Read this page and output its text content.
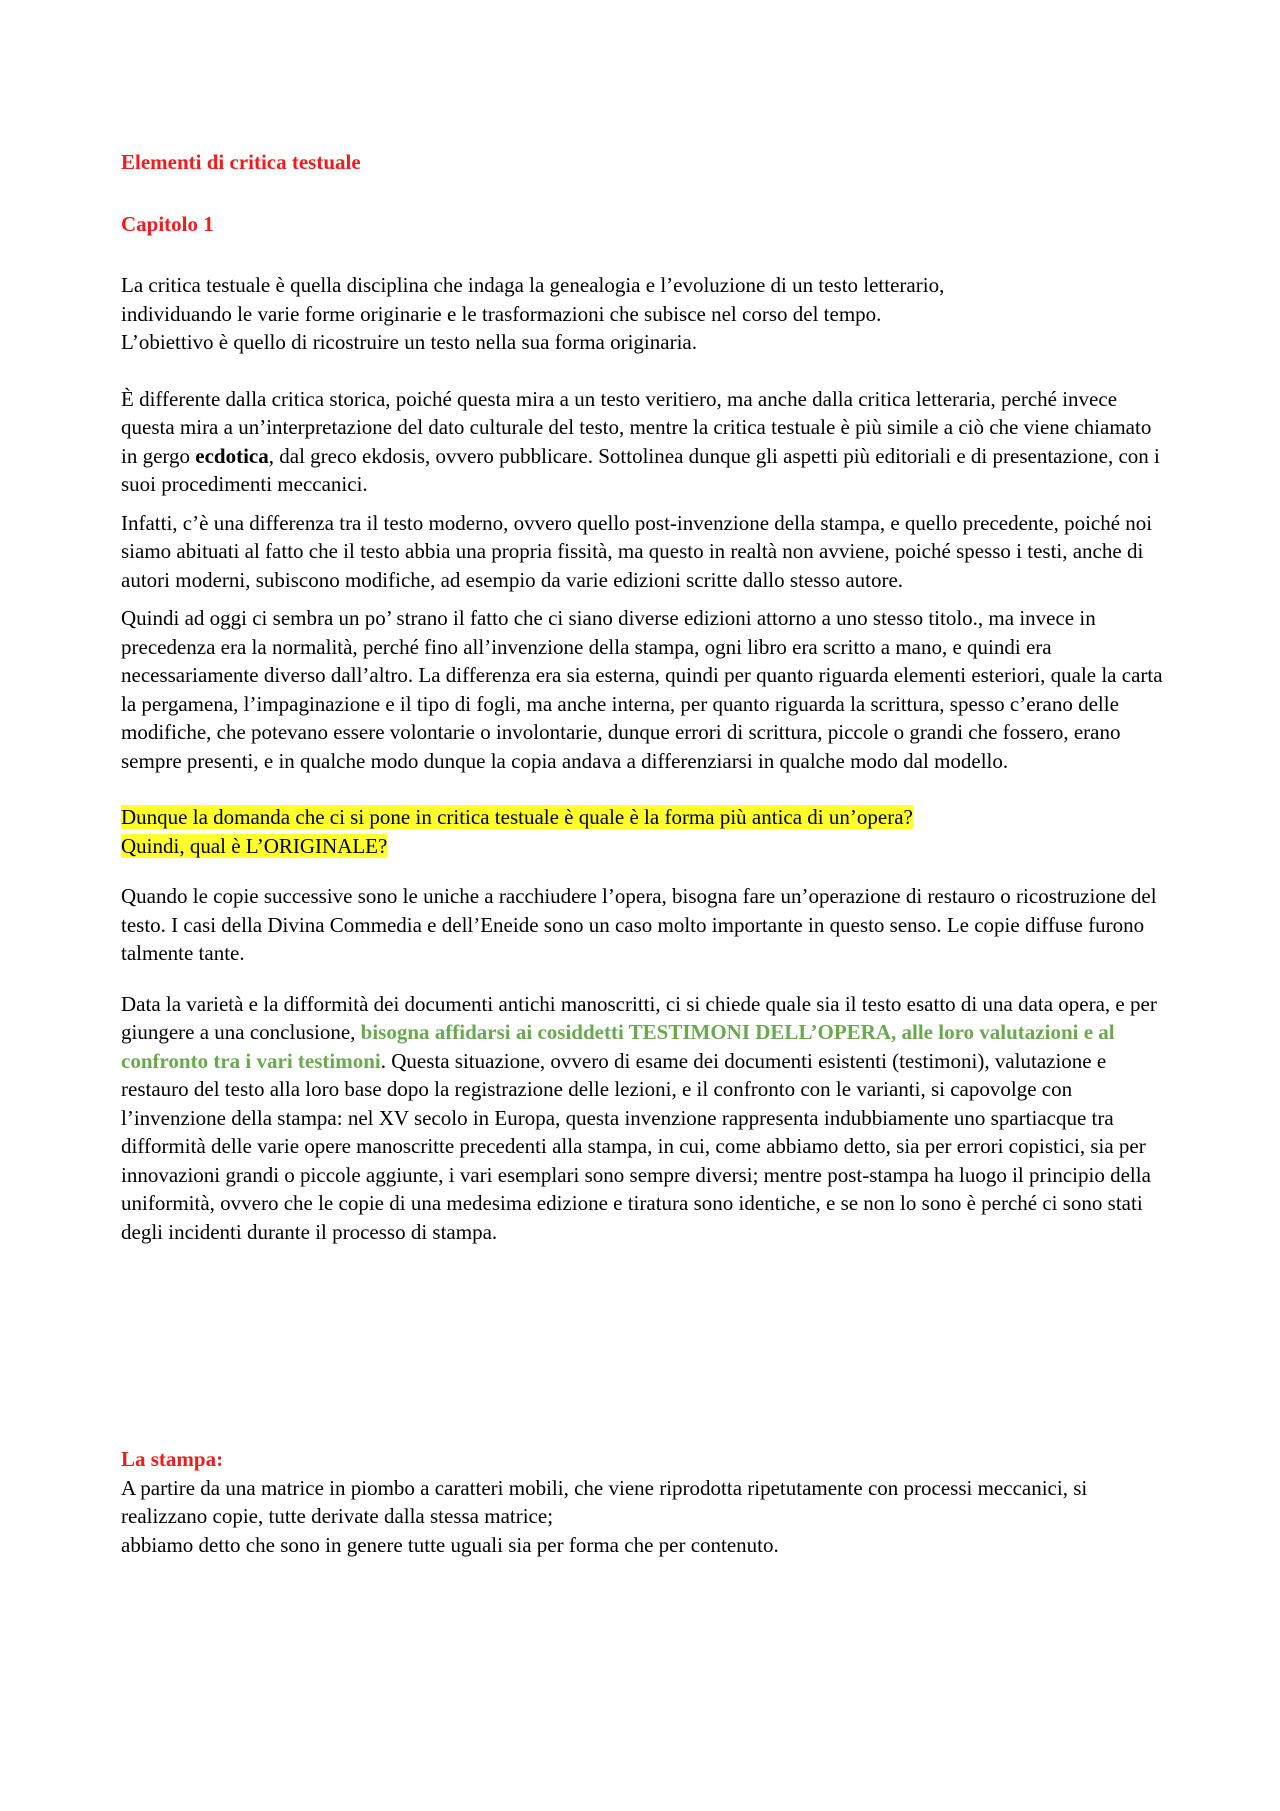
Elementi di critica testuale

Capitolo 1

La critica testuale è quella disciplina che indaga la genealogia e l’evoluzione di un testo letterario,
individuando le varie forme originarie e le trasformazioni che subisce nel corso del tempo.
L’obiettivo è quello di ricostruire un testo nella sua forma originaria.

È differente dalla critica storica, poiché questa mira a un testo veritiero, ma anche dalla critica letteraria, perché invece questa mira a un’interpretazione del dato culturale del testo, mentre la critica testuale è più simile a ciò che viene chiamato in gergo ecdotica, dal greco ekdosis, ovvero pubblicare. Sottolinea dunque gli aspetti più editoriali e di presentazione, con i suoi procedimenti meccanici.

Infatti, c’è una differenza tra il testo moderno, ovvero quello post-invenzione della stampa, e quello precedente, poiché noi siamo abituati al fatto che il testo abbia una propria fissità, ma questo in realtà non avviene, poiché spesso i testi, anche di autori moderni, subiscono modifiche, ad esempio da varie edizioni scritte dallo stesso autore.

Quindi ad oggi ci sembra un po’ strano il fatto che ci siano diverse edizioni attorno a uno stesso titolo., ma invece in precedenza era la normalità, perché fino all’invenzione della stampa, ogni libro era scritto a mano, e quindi era necessariamente diverso dall’altro. La differenza era sia esterna, quindi per quanto riguarda elementi esteriori, quale la carta la pergamena, l’impaginazione e il tipo di fogli, ma anche interna, per quanto riguarda la scrittura, spesso c’erano delle modifiche, che potevano essere volontarie o involontarie, dunque errori di scrittura, piccole o grandi che fossero, erano sempre presenti, e in qualche modo dunque la copia andava a differenziarsi in qualche modo dal modello.

Dunque la domanda che ci si pone in critica testuale è quale è la forma più antica di un’opera?
Quindi, qual è L’ORIGINALE?

Quando le copie successive sono le uniche a racchiudere l’opera, bisogna fare un’operazione di restauro o ricostruzione del testo. I casi della Divina Commedia e dell’Eneide sono un caso molto importante in questo senso. Le copie diffuse furono talmente tante.

Data la varietà e la difformità dei documenti antichi manoscritti, ci si chiede quale sia il testo esatto di una data opera, e per giungere a una conclusione, bisogna affidarsi ai cosiddetti TESTIMONI DELL’OPERA, alle loro valutazioni e al confronto tra i vari testimoni. Questa situazione, ovvero di esame dei documenti esistenti (testimoni), valutazione e restauro del testo alla loro base dopo la registrazione delle lezioni, e il confronto con le varianti, si capovolge con l’invenzione della stampa: nel XV secolo in Europa, questa invenzione rappresenta indubbiamente uno spartiacque tra difformità delle varie opere manoscritte precedenti alla stampa, in cui, come abbiamo detto, sia per errori copistici, sia per innovazioni grandi o piccole aggiunte, i vari esemplari sono sempre diversi; mentre post-stampa ha luogo il principio della uniformità, ovvero che le copie di una medesima edizione e tiratura sono identiche, e se non lo sono è perché ci sono stati degli incidenti durante il processo di stampa.

La stampa:

A partire da una matrice in piombo a caratteri mobili, che viene riprodotta ripetutamente con processi meccanici, si realizzano copie, tutte derivate dalla stessa matrice;
abbiamo detto che sono in genere tutte uguali sia per forma che per contenuto.
